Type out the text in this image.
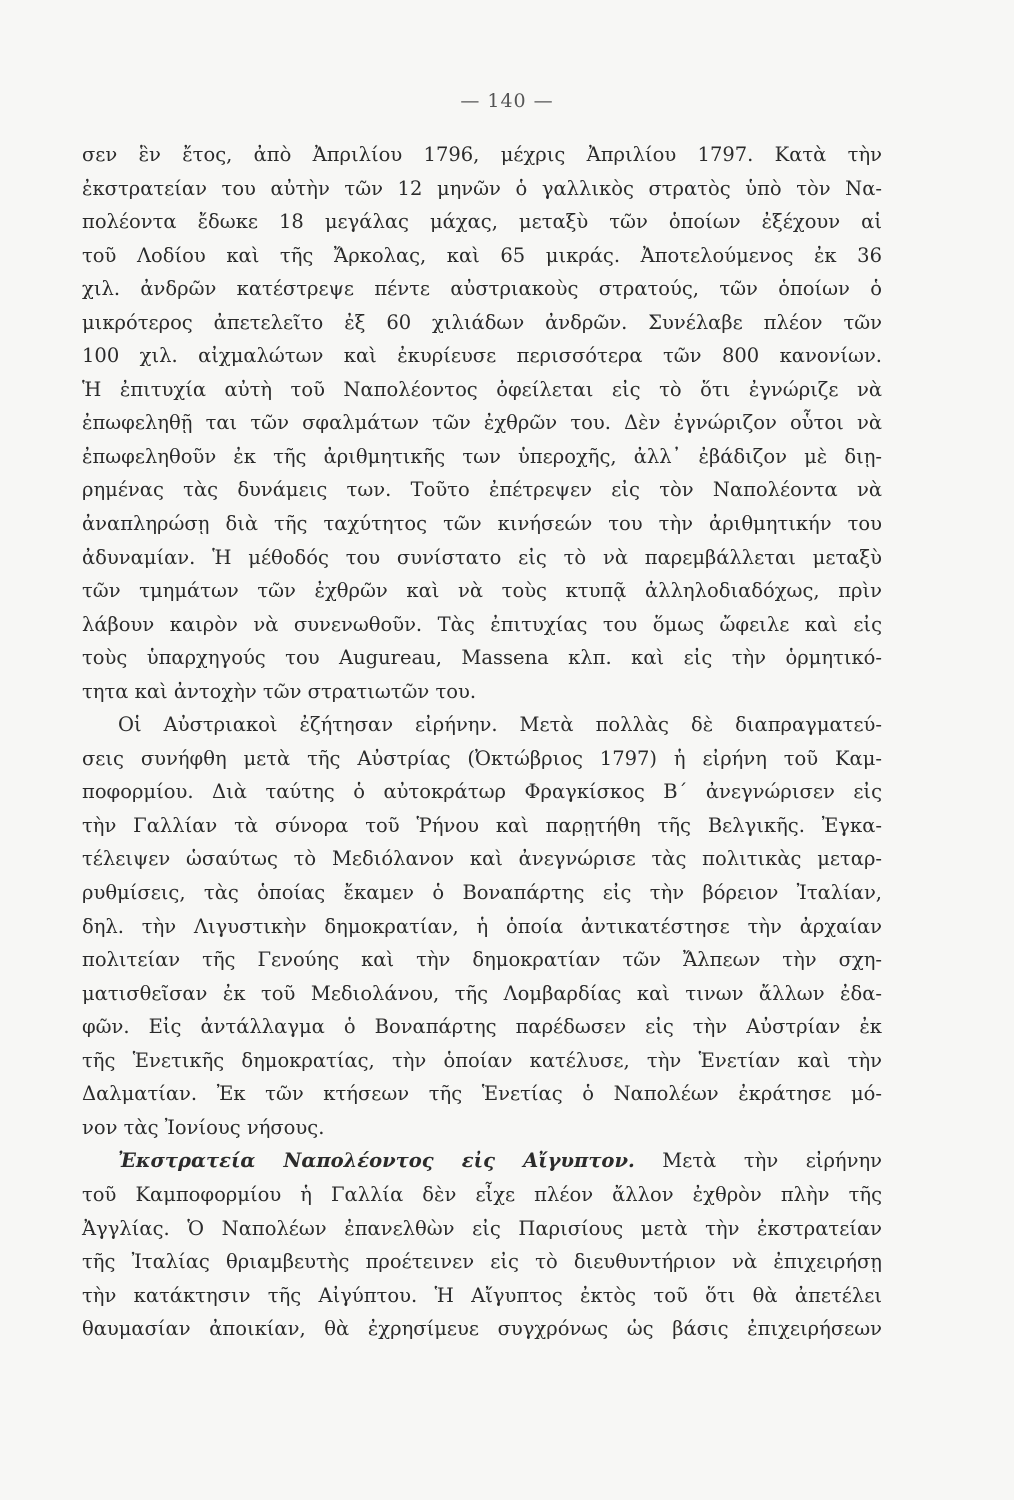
— 140 —
σεν ἓν ἔτος, ἀπὸ Ἀπριλίου 1796, μέχρις Ἀπριλίου 1797. Κατὰ τὴν
ἐκστρατείαν του αὐτὴν τῶν 12 μηνῶν ὁ γαλλικὸς στρατὸς ὑπὸ τὸν Να-
πολέοντα ἔδωκε 18 μεγάλας μάχας, μεταξὺ τῶν ὁποίων ἐξέχουν αἱ
τοῦ Λοδίου καὶ τῆς Ἄρκολας, καὶ 65 μικράς. Ἀποτελούμενος ἐκ 36
χιλ. ἀνδρῶν κατέστρεψε πέντε αὐστριακοὺς στρατούς, τῶν ὁποίων ὁ
μικρότερος ἀπετελεῖτο ἐξ 60 χιλιάδων ἀνδρῶν. Συνέλαβε πλέον τῶν
100 χιλ. αἰχμαλώτων καὶ ἐκυρίευσε περισσότερα τῶν 800 κανονίων.
Ἡ ἐπιτυχία αὐτὴ τοῦ Ναπολέοντος ὀφείλεται εἰς τὸ ὅτι ἐγνώριζε νὰ
ἐπωφεληθῇ ται τῶν σφαλμάτων τῶν ἐχθρῶν του. Δὲν ἐγνώριζον οὗτοι νὰ
ἐπωφεληθοῦν ἐκ τῆς ἀριθμητικῆς των ὑπεροχῆς, ἀλλ᾽ ἐβάδιζον μὲ διῃ-
ρημένας τὰς δυνάμεις των. Τοῦτο ἐπέτρεψεν εἰς τὸν Ναπολέοντα νὰ
ἀναπληρώσῃ διὰ τῆς ταχύτητος τῶν κινήσεών του τὴν ἀριθμητικήν του
ἀδυναμίαν. Ἡ μέθοδός του συνίστατο εἰς τὸ νὰ παρεμβάλλεται μεταξὺ
τῶν τμημάτων τῶν ἐχθρῶν καὶ νὰ τοὺς κτυπᾷ ἀλληλοδιαδόχως, πρὶν
λάβουν καιρὸν νὰ συνενωθοῦν. Τὰς ἐπιτυχίας του ὅμως ὤφειλε καὶ εἰς
τοὺς ὑπαρχηγούς του Augureau, Massena κλπ. καὶ εἰς τὴν ὁρμητικό-
τητα καὶ ἀντοχὴν τῶν στρατιωτῶν του.
Οἱ Αὐστριακοὶ ἐζήτησαν εἰρήνην. Μετὰ πολλὰς δὲ διαπραγματεύ-
σεις συνήφθη μετὰ τῆς Αὐστρίας (Ὀκτώβριος 1797) ἡ εἰρήνη τοῦ Καμ-
ποφορμίου. Διὰ ταύτης ὁ αὐτοκράτωρ Φραγκίσκος Β´ ἀνεγνώρισεν εἰς
τὴν Γαλλίαν τὰ σύνορα τοῦ Ῥήνου καὶ παρῃτήθη τῆς Βελγικῆς. Ἐγκα-
τέλειψεν ὡσαύτως τὸ Μεδιόλανον καὶ ἀνεγνώρισε τὰς πολιτικὰς μεταρ-
ρυθμίσεις, τὰς ὁποίας ἔκαμεν ὁ Βοναπάρτης εἰς τὴν βόρειον Ἰταλίαν,
δηλ. τὴν Λιγυστικὴν δημοκρατίαν, ἡ ὁποία ἀντικατέστησε τὴν ἀρχαίαν
πολιτείαν τῆς Γενούης καὶ τὴν δημοκρατίαν τῶν Ἄλπεων τὴν σχη-
ματισθεῖσαν ἐκ τοῦ Μεδιολάνου, τῆς Λομβαρδίας καὶ τινων ἄλλων ἐδα-
φῶν. Εἰς ἀντάλλαγμα ὁ Βοναπάρτης παρέδωσεν εἰς τὴν Αὐστρίαν ἐκ
τῆς Ἑνετικῆς δημοκρατίας, τὴν ὁποίαν κατέλυσε, τὴν Ἑνετίαν καὶ τὴν
Δαλματίαν. Ἐκ τῶν κτήσεων τῆς Ἑνετίας ὁ Ναπολέων ἐκράτησε μό-
νον τὰς Ἰονίους νήσους.
Ἐκστρατεία Ναπολέοντος εἰς Αἴγυπτον. Μετὰ τὴν εἰρήνην
τοῦ Καμποφορμίου ἡ Γαλλία δὲν εἶχε πλέον ἄλλον ἐχθρὸν πλὴν τῆς
Ἀγγλίας. Ὁ Ναπολέων ἐπανελθὼν εἰς Παρισίους μετὰ τὴν ἐκστρατείαν
τῆς Ἰταλίας θριαμβευτὴς προέτεινεν εἰς τὸ διευθυντήριον νὰ ἐπιχειρήσῃ
τὴν κατάκτησιν τῆς Αἰγύπτου. Ἡ Αἴγυπτος ἐκτὸς τοῦ ὅτι θὰ ἀπετέλει
θαυμασίαν ἀποικίαν, θὰ ἐχρησίμευε συγχρόνως ὡς βάσις ἐπιχειρήσεων
